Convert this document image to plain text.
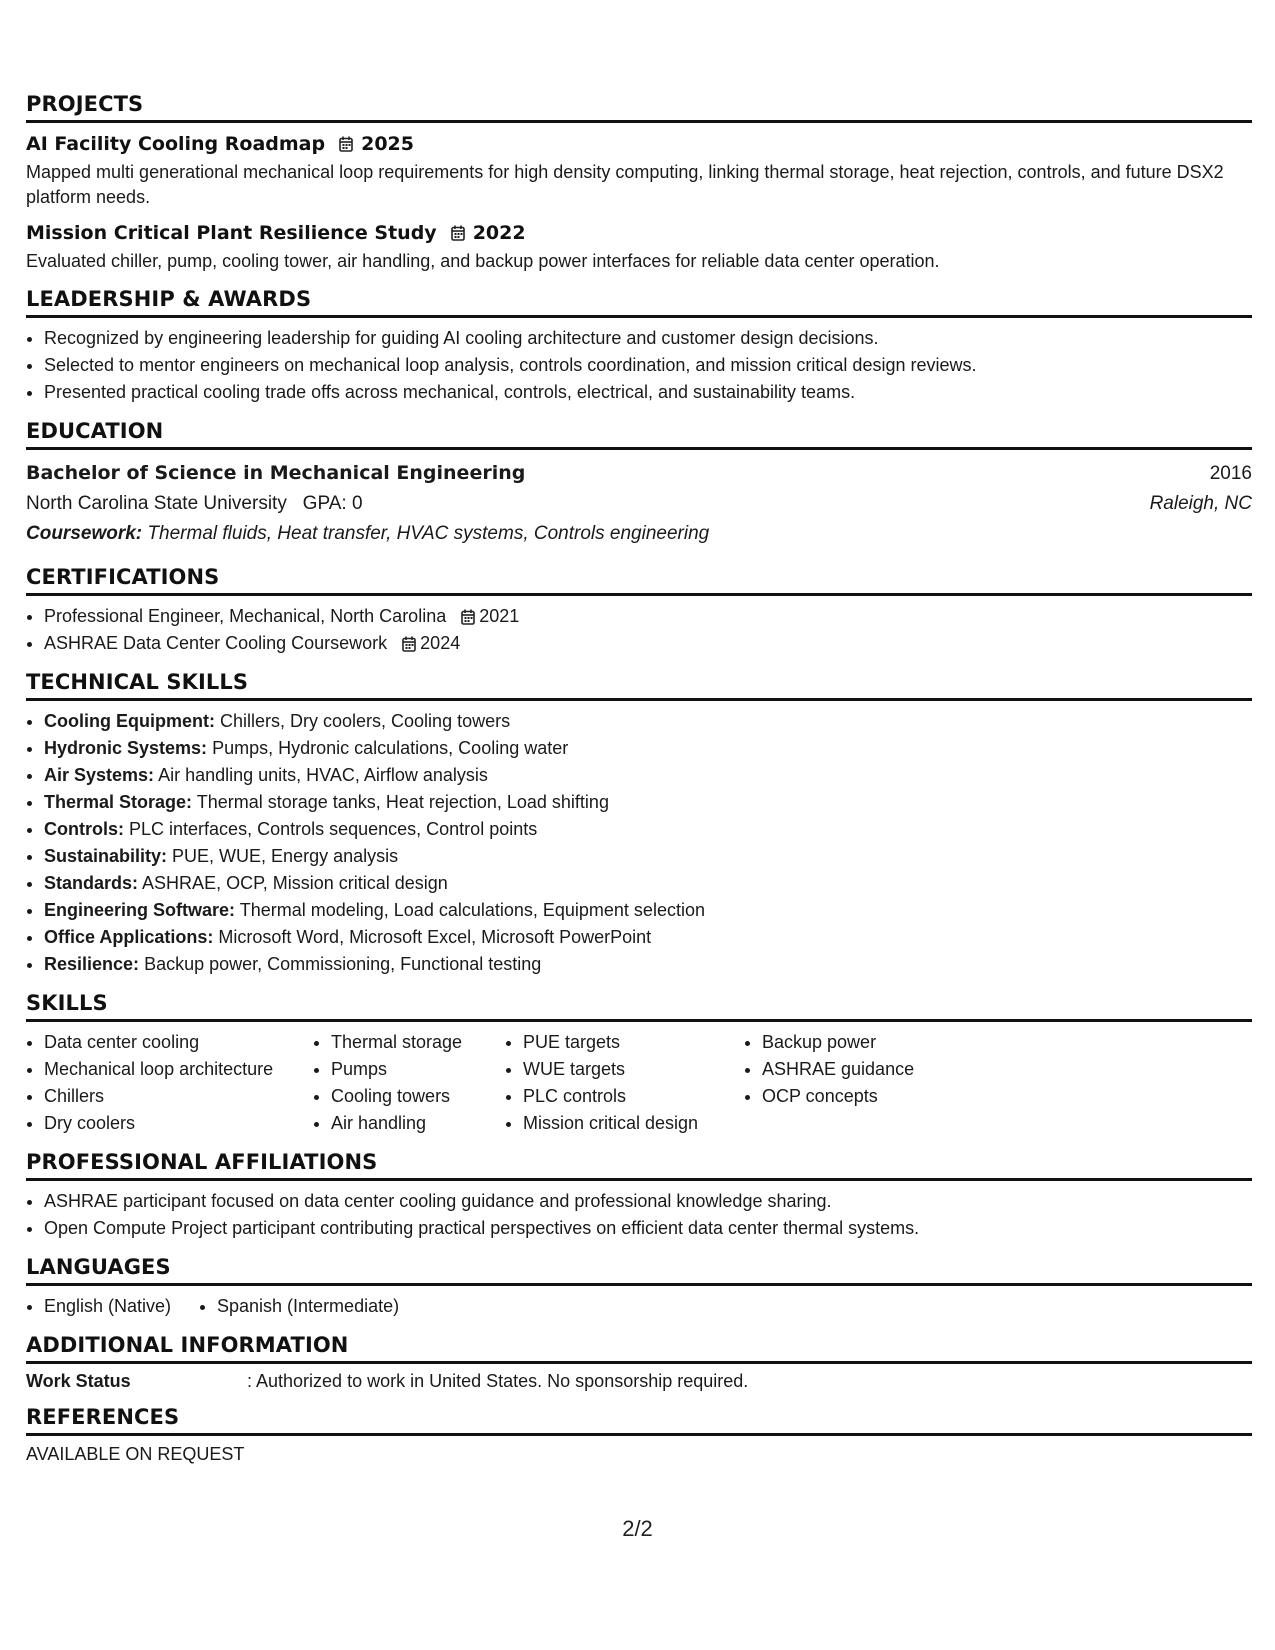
PROJECTS
AI Facility Cooling Roadmap 2025
Mapped multi generational mechanical loop requirements for high density computing, linking thermal storage, heat rejection, controls, and future DSX2 platform needs.
Mission Critical Plant Resilience Study 2022
Evaluated chiller, pump, cooling tower, air handling, and backup power interfaces for reliable data center operation.
LEADERSHIP & AWARDS
• Recognized by engineering leadership for guiding AI cooling architecture and customer design decisions.
• Selected to mentor engineers on mechanical loop analysis, controls coordination, and mission critical design reviews.
• Presented practical cooling trade offs across mechanical, controls, electrical, and sustainability teams.
EDUCATION
Bachelor of Science in Mechanical Engineering	2016
North Carolina State University GPA: 0	Raleigh, NC
Coursework: Thermal fluids, Heat transfer, HVAC systems, Controls engineering
CERTIFICATIONS
• Professional Engineer, Mechanical, North Carolina 2021
• ASHRAE Data Center Cooling Coursework 2024
TECHNICAL SKILLS
• Cooling Equipment: Chillers, Dry coolers, Cooling towers
• Hydronic Systems: Pumps, Hydronic calculations, Cooling water
• Air Systems: Air handling units, HVAC, Airflow analysis
• Thermal Storage: Thermal storage tanks, Heat rejection, Load shifting
• Controls: PLC interfaces, Controls sequences, Control points
• Sustainability: PUE, WUE, Energy analysis
• Standards: ASHRAE, OCP, Mission critical design
• Engineering Software: Thermal modeling, Load calculations, Equipment selection
• Office Applications: Microsoft Word, Microsoft Excel, Microsoft PowerPoint
• Resilience: Backup power, Commissioning, Functional testing
SKILLS
• Data center cooling
• Mechanical loop architecture
• Chillers
• Dry coolers
• Thermal storage
• Pumps
• Cooling towers
• Air handling
• PUE targets
• WUE targets
• PLC controls
• Mission critical design
• Backup power
• ASHRAE guidance
• OCP concepts
PROFESSIONAL AFFILIATIONS
• ASHRAE participant focused on data center cooling guidance and professional knowledge sharing.
• Open Compute Project participant contributing practical perspectives on efficient data center thermal systems.
LANGUAGES
• English (Native)
•	Spanish (Intermediate)
ADDITIONAL INFORMATION
Work Status	: Authorized to work in United States. No sponsorship required.
REFERENCES
AVAILABLE ON REQUEST
2/2
